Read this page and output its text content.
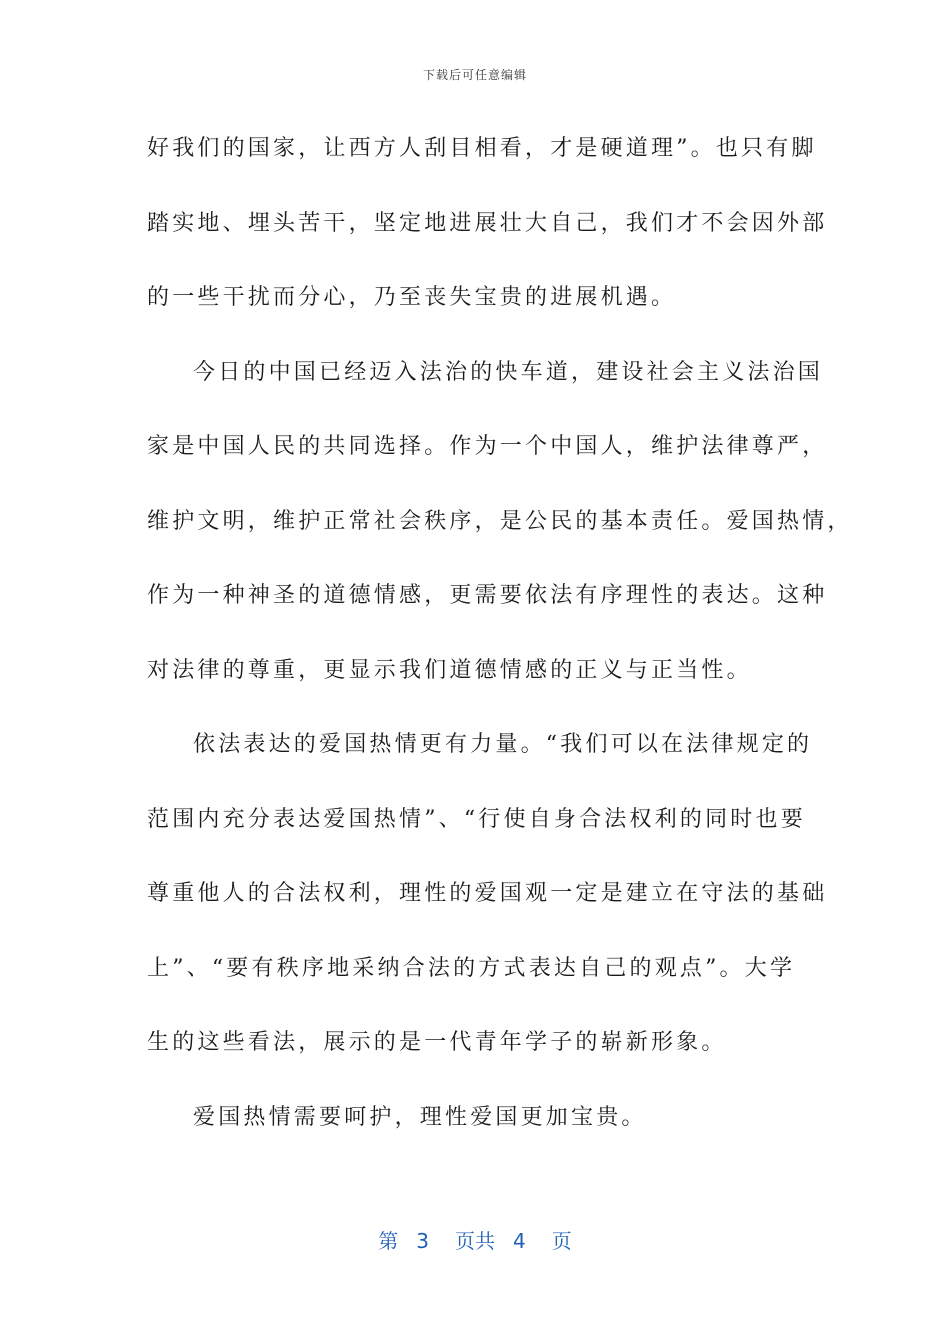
下载后可任意编辑
好我们的国家，让西方人刮目相看，才是硬道理”。也只有脚
踏实地、埋头苦干，坚定地进展壮大自己，我们才不会因外部
的一些干扰而分心，乃至丧失宝贵的进展机遇。
今日的中国已经迈入法治的快车道，建设社会主义法治国
家是中国人民的共同选择。作为一个中国人，维护法律尊严，
维护文明，维护正常社会秩序，是公民的基本责任。爱国热情，
作为一种神圣的道德情感，更需要依法有序理性的表达。这种
对法律的尊重，更显示我们道德情感的正义与正当性。
依法表达的爱国热情更有力量。“我们可以在法律规定的
范围内充分表达爱国热情”、“行使自身合法权利的同时也要
尊重他人的合法权利，理性的爱国观一定是建立在守法的基础
上”、“要有秩序地采纳合法的方式表达自己的观点”。大学
生的这些看法，展示的是一代青年学子的崭新形象。
爱国热情需要呵护，理性爱国更加宝贵。
第 3 页共 4 页
